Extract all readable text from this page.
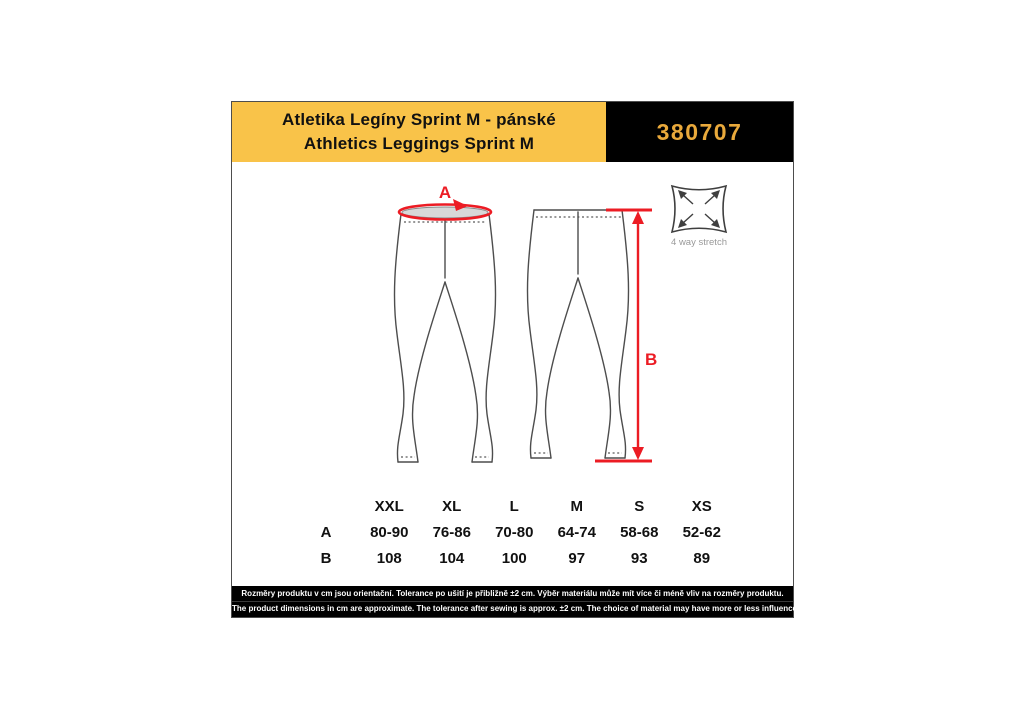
Atletika Legíny Sprint M - pánské
Athletics Leggings Sprint M	380707
A
B
4 way stretch
XXL	XL	L	M	S	XS
A	80-90	76-86	70-80	64-74	58-68	52-62
B	108	104	100	97	93	89
Rozměry produktu v cm jsou orientační. Tolerance po ušití je přibližně ±2 cm. Výběr materiálu může mít více či méně vliv na rozměry produktu.
The product dimensions in cm are approximate. The tolerance after sewing is approx. ±2 cm. The choice of material may have more or less influence on the dimensions of the product.
